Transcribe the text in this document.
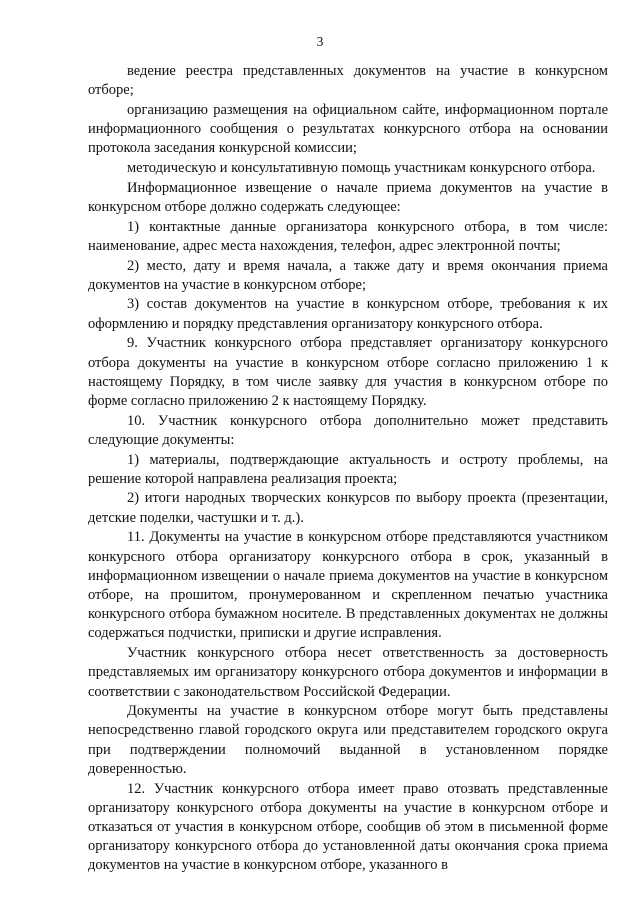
3

ведение реестра представленных документов на участие в конкурсном отборе;

организацию размещения на официальном сайте, информационном портале информационного сообщения о результатах конкурсного отбора на основании протокола заседания конкурсной комиссии;

методическую и консультативную помощь участникам конкурсного отбора.

Информационное извещение о начале приема документов на участие в конкурсном отборе должно содержать следующее:

1) контактные данные организатора конкурсного отбора, в том числе: наименование, адрес места нахождения, телефон, адрес электронной почты;

2) место, дату и время начала, а также дату и время окончания приема документов на участие в конкурсном отборе;

3) состав документов на участие в конкурсном отборе, требования к их оформлению и порядку представления организатору конкурсного отбора.

9. Участник конкурсного отбора представляет организатору конкурсного отбора документы на участие в конкурсном отборе согласно приложению 1 к настоящему Порядку, в том числе заявку для участия в конкурсном отборе по форме согласно приложению 2 к настоящему Порядку.

10. Участник конкурсного отбора дополнительно может представить следующие документы:

1) материалы, подтверждающие актуальность и остроту проблемы, на решение которой направлена реализация проекта;

2) итоги народных творческих конкурсов по выбору проекта (презентации, детские поделки, частушки и т. д.).

11. Документы на участие в конкурсном отборе представляются участником конкурсного отбора организатору конкурсного отбора в срок, указанный в информационном извещении о начале приема документов на участие в конкурсном отборе, на прошитом, пронумерованном и скрепленном печатью участника конкурсного отбора бумажном носителе. В представленных документах не должны содержаться подчистки, приписки и другие исправления.

Участник конкурсного отбора несет ответственность за достоверность представляемых им организатору конкурсного отбора документов и информации в соответствии с законодательством Российской Федерации.

Документы на участие в конкурсном отборе могут быть представлены непосредственно главой городского округа или представителем городского округа при подтверждении полномочий выданной в установленном порядке доверенностью.

12. Участник конкурсного отбора имеет право отозвать представленные организатору конкурсного отбора документы на участие в конкурсном отборе и отказаться от участия в конкурсном отборе, сообщив об этом в письменной форме организатору конкурсного отбора до установленной даты окончания срока приема документов на участие в конкурсном отборе, указанного в
